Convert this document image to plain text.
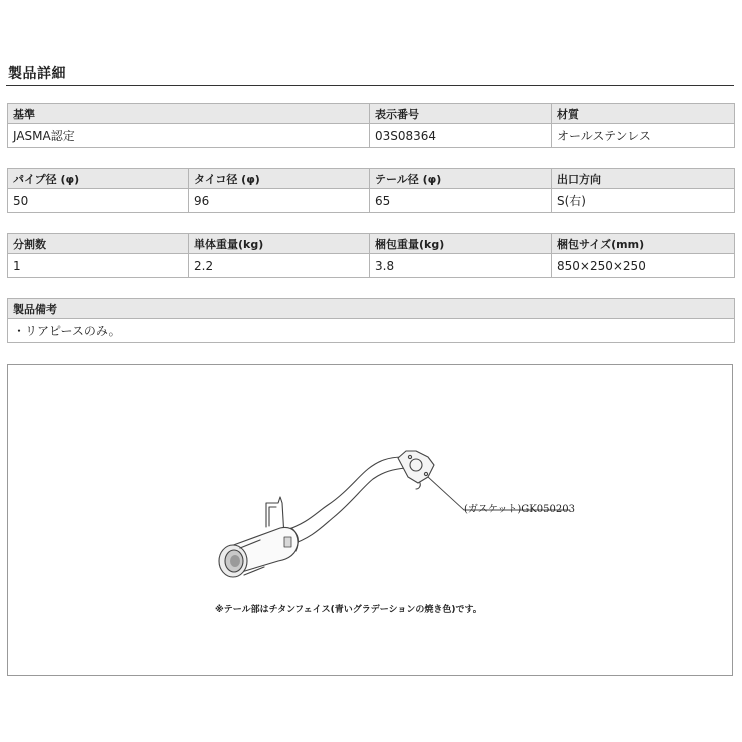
製品詳細
基準	表示番号	材質
JASMA認定	03S08364	オールステンレス
パイプ径 (φ)	タイコ径 (φ)	テール径 (φ)	出口方向
50	96	65	S(右)
分割数	単体重量(kg)	梱包重量(kg)	梱包サイズ(mm)
1	2.2	3.8	850×250×250
製品備考
・リアピースのみ。
(ガスケット)GK050203
※テール部はチタンフェイス(青いグラデーションの焼き色)です。
